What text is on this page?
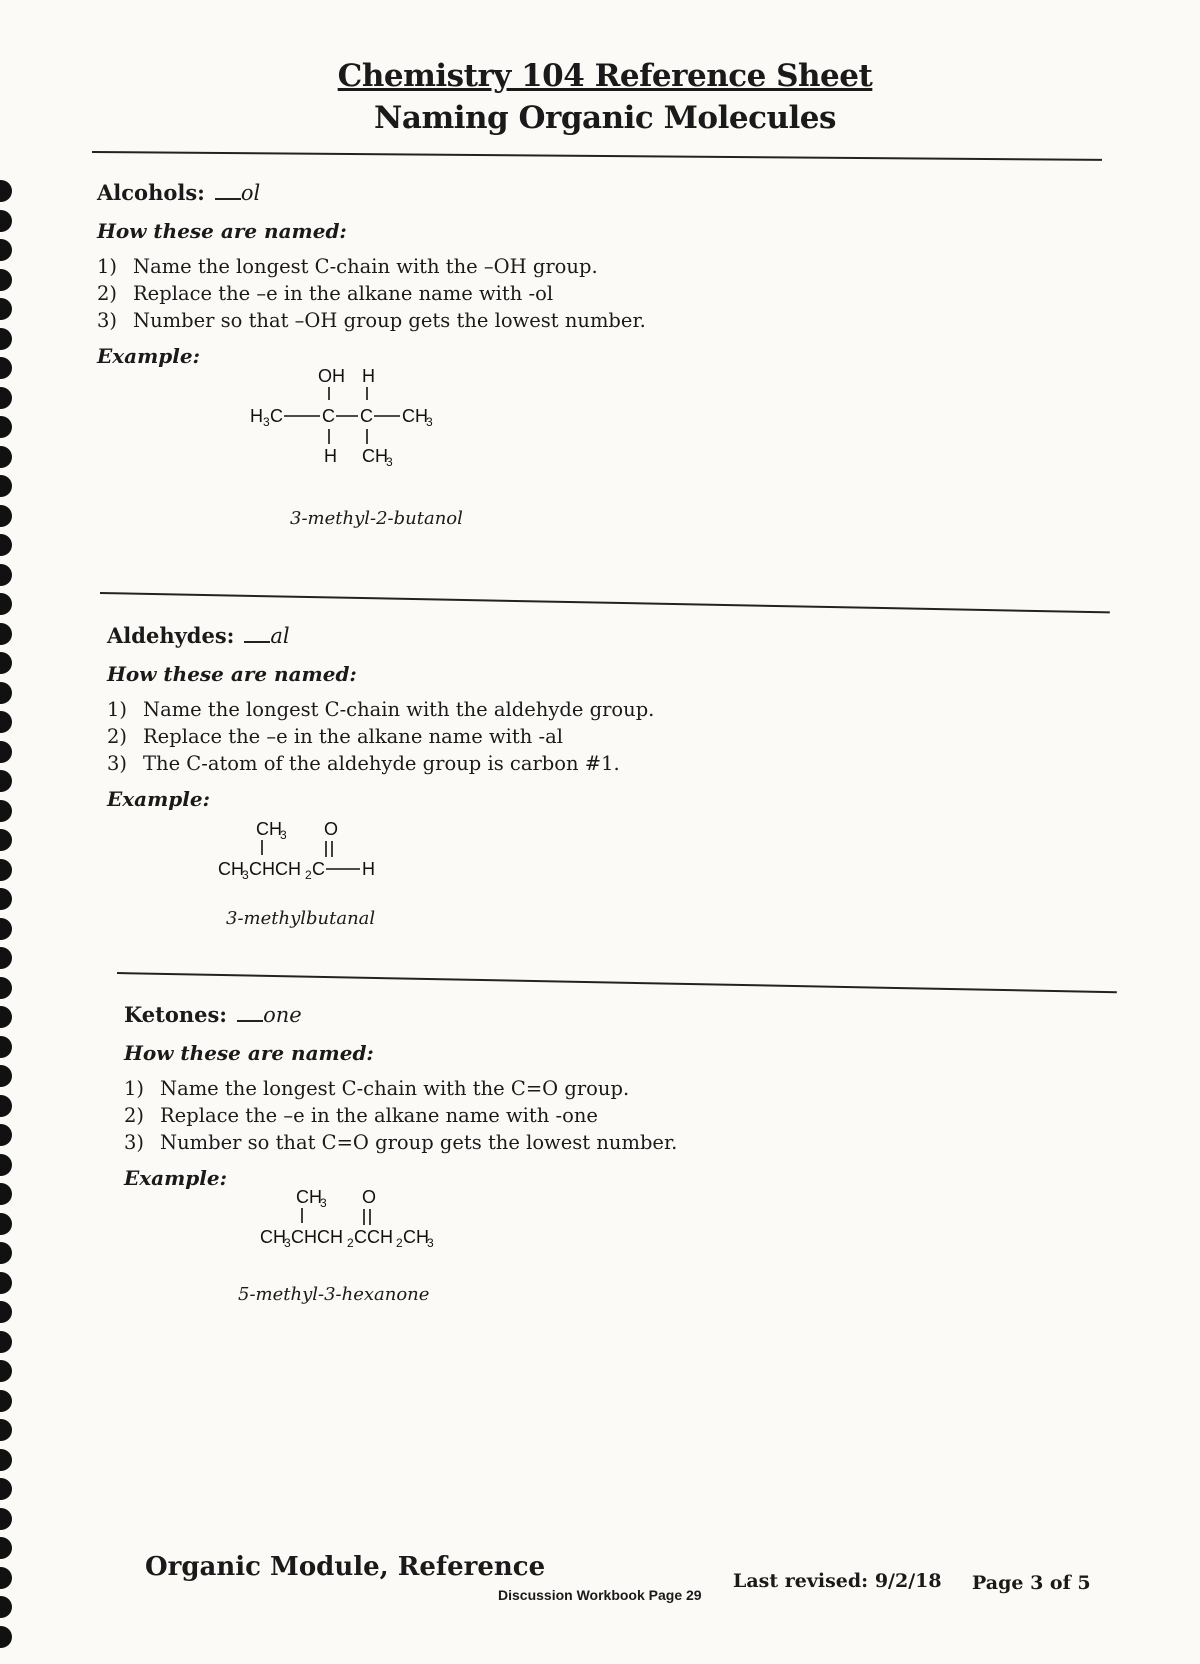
Chemistry 104 Reference Sheet
Naming Organic Molecules
Alcohols: ol
How these are named:
1) Name the longest C-chain with the –OH group.
2) Replace the –e in the alkane name with -ol
3) Number so that –OH group gets the lowest number.
Example:
OH H
H 3 C C C CH
3
H CH
3
3-methyl-2-butanol
Aldehydes: al
How these are named:
1) Name the longest C-chain with the aldehyde group.
2) Replace the –e in the alkane name with -al
3) The C-atom of the aldehyde group is carbon #1.
Example:
CH
3 O
CH
3 CHCH 2 C H
3-methylbutanal
Ketones: one
How these are named:
1) Name the longest C-chain with the C=O group.
2) Replace the –e in the alkane name with -one
3) Number so that C=O group gets the lowest number.
Example:
CH
3 O
CH
3 CHCH 2 CCH 2 CH
3
5-methyl-3-hexanone
Organic Module, Reference
Discussion Workbook Page 29
Last revised: 9/2/18 Page 3 of 5
